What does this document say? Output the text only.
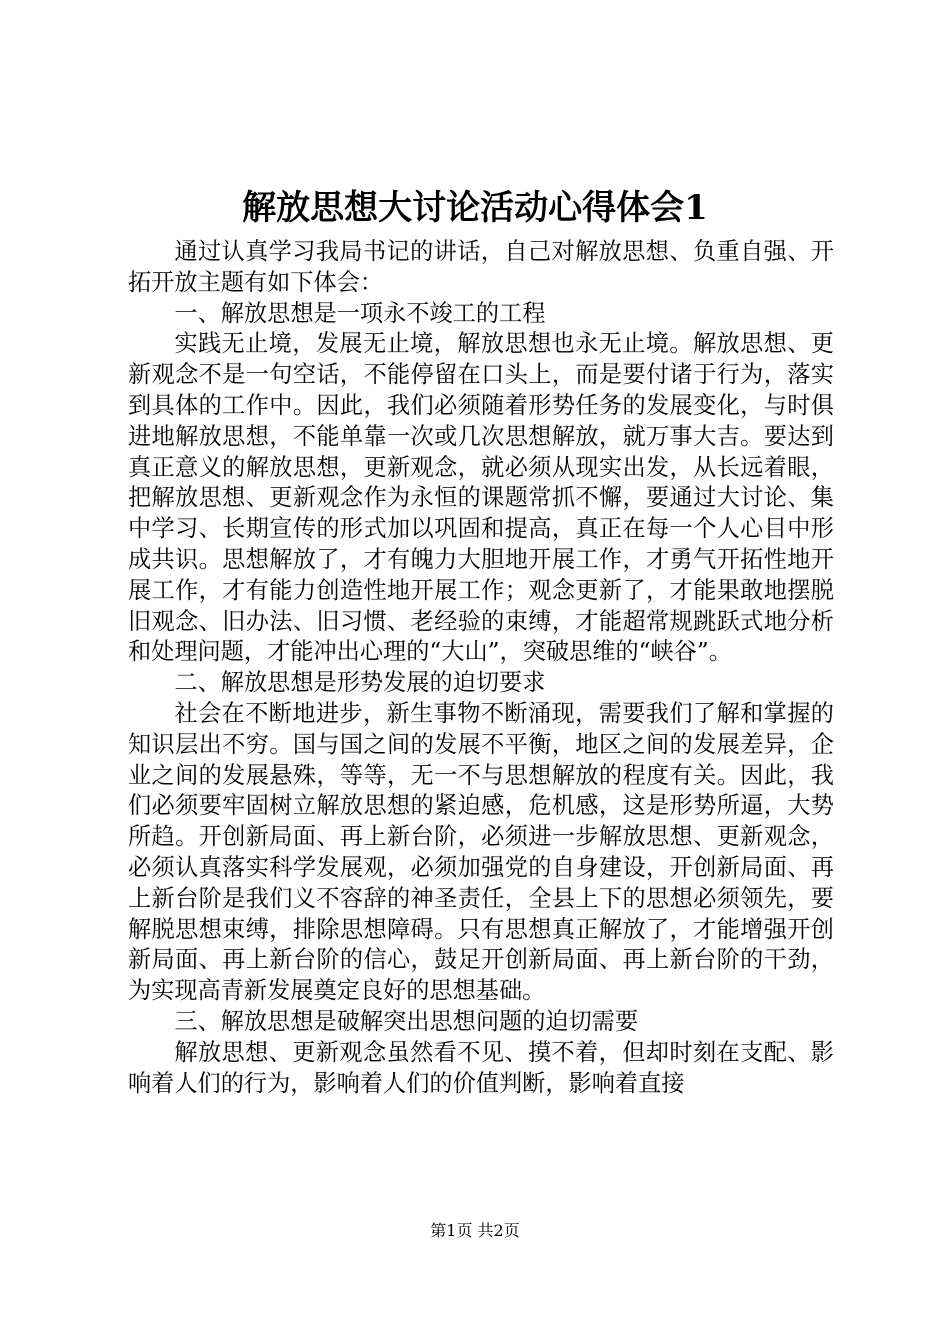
解放思想大讨论活动心得体会1

通过认真学习我局书记的讲话，自己对解放思想、负重自强、开拓开放主题有如下体会：

一、解放思想是一项永不竣工的工程

实践无止境，发展无止境，解放思想也永无止境。解放思想、更新观念不是一句空话，不能停留在口头上，而是要付诸于行为，落实到具体的工作中。因此，我们必须随着形势任务的发展变化，与时俱进地解放思想，不能单靠一次或几次思想解放，就万事大吉。要达到真正意义的解放思想，更新观念，就必须从现实出发，从长远着眼，把解放思想、更新观念作为永恒的课题常抓不懈，要通过大讨论、集中学习、长期宣传的形式加以巩固和提高，真正在每一个人心目中形成共识。思想解放了，才有魄力大胆地开展工作，才勇气开拓性地开展工作，才有能力创造性地开展工作；观念更新了，才能果敢地摆脱旧观念、旧办法、旧习惯、老经验的束缚，才能超常规跳跃式地分析和处理问题，才能冲出心理的“大山”，突破思维的“峡谷”。

二、解放思想是形势发展的迫切要求

社会在不断地进步，新生事物不断涌现，需要我们了解和掌握的知识层出不穷。国与国之间的发展不平衡，地区之间的发展差异，企业之间的发展悬殊，等等，无一不与思想解放的程度有关。因此，我们必须要牢固树立解放思想的紧迫感，危机感，这是形势所逼，大势所趋。开创新局面、再上新台阶，必须进一步解放思想、更新观念，必须认真落实科学发展观，必须加强党的自身建设，开创新局面、再上新台阶是我们义不容辞的神圣责任，全县上下的思想必须领先，要解脱思想束缚，排除思想障碍。只有思想真正解放了，才能增强开创新局面、再上新台阶的信心，鼓足开创新局面、再上新台阶的干劲，为实现高青新发展奠定良好的思想基础。

三、解放思想是破解突出思想问题的迫切需要

解放思想、更新观念虽然看不见、摸不着，但却时刻在支配、影响着人们的行为，影响着人们的价值判断，影响着直接

第1页 共2页
